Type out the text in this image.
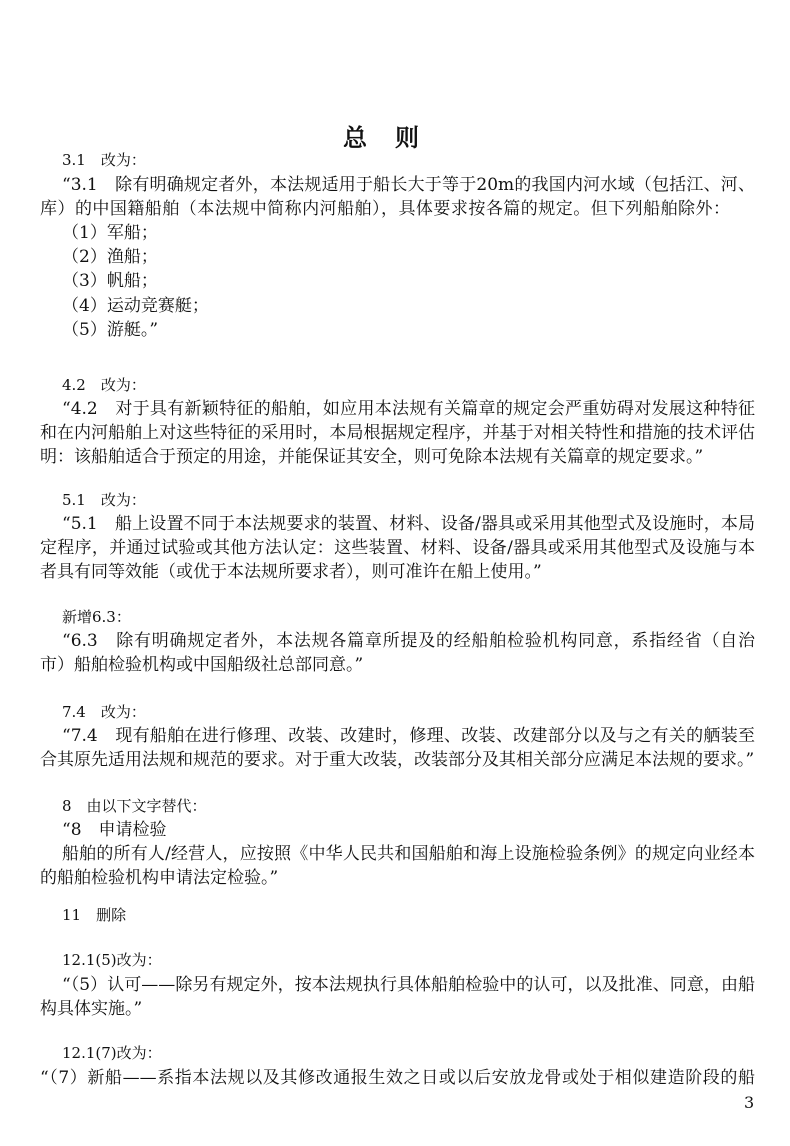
总则
3.1　改为：
“3.1　除有明确规定者外，本法规适用于船长大于等于20m的我国内河水域（包括江、河、
库）的中国籍船舶（本法规中简称内河船舶），具体要求按各篇的规定。但下列船舶除外：
（1）军船；
（2）渔船；
（3）帆船；
（4）运动竞赛艇；
（5）游艇。”
4.2　改为：
“4.2　对于具有新颖特征的船舶，如应用本法规有关篇章的规定会严重妨碍对发展这种特征
和在内河船舶上对这些特征的采用时，本局根据规定程序，并基于对相关特性和措施的技术评估
明：该船舶适合于预定的用途，并能保证其安全，则可免除本法规有关篇章的规定要求。”
5.1　改为：
“5.1　船上设置不同于本法规要求的装置、材料、设备/器具或采用其他型式及设施时，本局
定程序，并通过试验或其他方法认定：这些装置、材料、设备/器具或采用其他型式及设施与本
者具有同等效能（或优于本法规所要求者），则可准许在船上使用。”
新增6.3：
“6.3　除有明确规定者外，本法规各篇章所提及的经船舶检验机构同意，系指经省（自治
市）船舶检验机构或中国船级社总部同意。”
7.4　改为：
“7.4　现有船舶在进行修理、改装、改建时，修理、改装、改建部分以及与之有关的舾装至
合其原先适用法规和规范的要求。对于重大改装，改装部分及其相关部分应满足本法规的要求。”
8　由以下文字替代：
“8　申请检验
船舶的所有人/经营人，应按照《中华人民共和国船舶和海上设施检验条例》的规定向业经本
的船舶检验机构申请法定检验。”
11　删除
12.1(5)改为：
“（5）认可——除另有规定外，按本法规执行具体船舶检验中的认可，以及批准、同意，由船
构具体实施。”
12.1(7)改为：
“（7）新船——系指本法规以及其修改通报生效之日或以后安放龙骨或处于相似建造阶段的船
3
